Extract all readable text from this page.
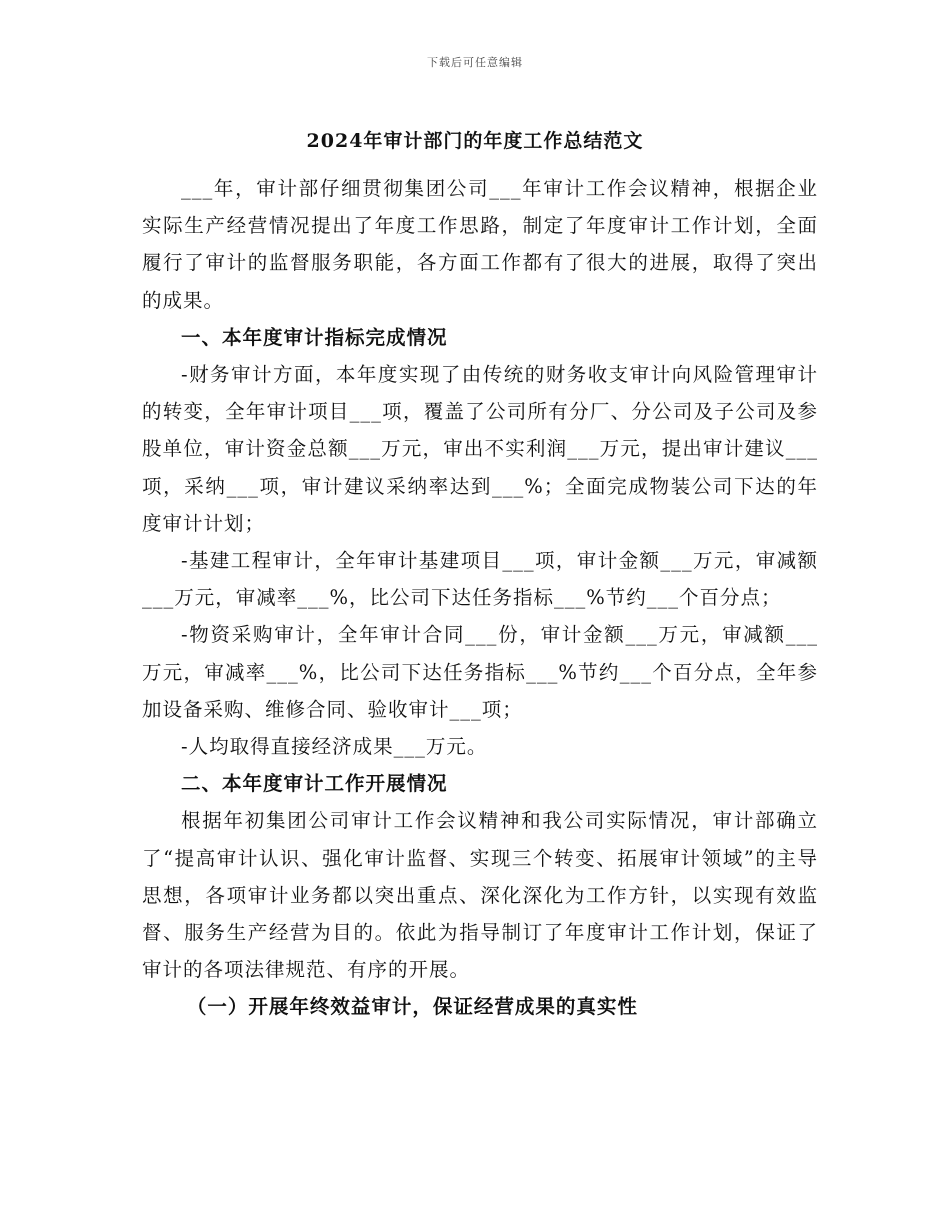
下载后可任意编辑
2024年审计部门的年度工作总结范文

___年，审计部仔细贯彻集团公司___年审计工作会议精神，根据企业实际生产经营情况提出了年度工作思路，制定了年度审计工作计划，全面履行了审计的监督服务职能，各方面工作都有了很大的进展，取得了突出的成果。

一、本年度审计指标完成情况

-财务审计方面，本年度实现了由传统的财务收支审计向风险管理审计的转变，全年审计项目___项，覆盖了公司所有分厂、分公司及子公司及参股单位，审计资金总额___万元，审出不实利润___万元，提出审计建议___项，采纳___项，审计建议采纳率达到___%；全面完成物装公司下达的年度审计计划；

-基建工程审计，全年审计基建项目___项，审计金额___万元，审减额___万元，审减率___%，比公司下达任务指标___%节约___个百分点；

-物资采购审计，全年审计合同___份，审计金额___万元，审减额___万元，审减率___%，比公司下达任务指标___%节约___个百分点，全年参加设备采购、维修合同、验收审计___项；

-人均取得直接经济成果___万元。

二、本年度审计工作开展情况

根据年初集团公司审计工作会议精神和我公司实际情况，审计部确立了“提高审计认识、强化审计监督、实现三个转变、拓展审计领域”的主导思想，各项审计业务都以突出重点、深化深化为工作方针，以实现有效监督、服务生产经营为目的。依此为指导制订了年度审计工作计划，保证了审计的各项法律规范、有序的开展。

（一）开展年终效益审计，保证经营成果的真实性
